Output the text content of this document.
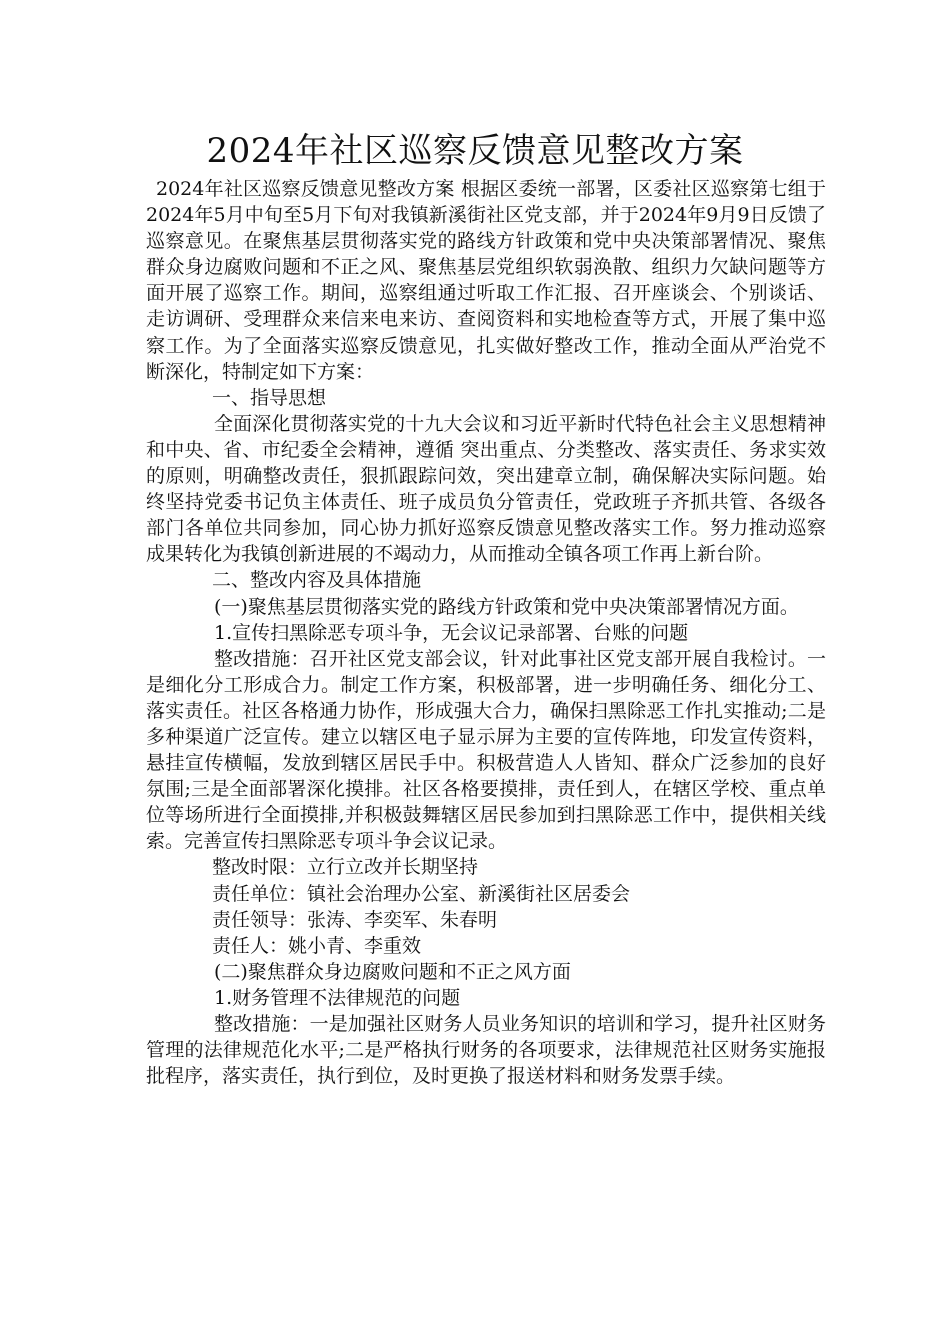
2024年社区巡察反馈意见整改方案

2024年社区巡察反馈意见整改方案 根据区委统一部署，区委社区巡察第七组于2024年5月中旬至5月下旬对我镇新溪街社区党支部，并于2024年9月9日反馈了巡察意见。在聚焦基层贯彻落实党的路线方针政策和党中央决策部署情况、聚焦群众身边腐败问题和不正之风、聚焦基层党组织软弱涣散、组织力欠缺问题等方面开展了巡察工作。期间，巡察组通过听取工作汇报、召开座谈会、个别谈话、走访调研、受理群众来信来电来访、查阅资料和实地检查等方式，开展了集中巡察工作。为了全面落实巡察反馈意见，扎实做好整改工作，推动全面从严治党不断深化，特制定如下方案：

一、指导思想

全面深化贯彻落实党的十九大会议和习近平新时代特色社会主义思想精神和中央、省、市纪委全会精神，遵循 突出重点、分类整改、落实责任、务求实效 的原则，明确整改责任，狠抓跟踪问效，突出建章立制，确保解决实际问题。始终坚持党委书记负主体责任、班子成员负分管责任，党政班子齐抓共管、各级各部门各单位共同参加，同心协力抓好巡察反馈意见整改落实工作。努力推动巡察成果转化为我镇创新进展的不竭动力，从而推动全镇各项工作再上新台阶。

二、整改内容及具体措施

(一)聚焦基层贯彻落实党的路线方针政策和党中央决策部署情况方面。

1.宣传扫黑除恶专项斗争，无会议记录部署、台账的问题

整改措施：召开社区党支部会议，针对此事社区党支部开展自我检讨。一是细化分工形成合力。制定工作方案，积极部署，进一步明确任务、细化分工、落实责任。社区各格通力协作，形成强大合力，确保扫黑除恶工作扎实推动;二是多种渠道广泛宣传。建立以辖区电子显示屏为主要的宣传阵地，印发宣传资料，悬挂宣传横幅，发放到辖区居民手中。积极营造人人皆知、群众广泛参加的良好氛围;三是全面部署深化摸排。社区各格要摸排，责任到人，在辖区学校、重点单位等场所进行全面摸排,并积极鼓舞辖区居民参加到扫黑除恶工作中，提供相关线索。完善宣传扫黑除恶专项斗争会议记录。

整改时限：立行立改并长期坚持

责任单位：镇社会治理办公室、新溪街社区居委会

责任领导：张涛、李奕军、朱春明

责任人：姚小青、李重效

(二)聚焦群众身边腐败问题和不正之风方面

1.财务管理不法律规范的问题

整改措施：一是加强社区财务人员业务知识的培训和学习，提升社区财务管理的法律规范化水平;二是严格执行财务的各项要求，法律规范社区财务实施报批程序，落实责任，执行到位，及时更换了报送材料和财务发票手续。
